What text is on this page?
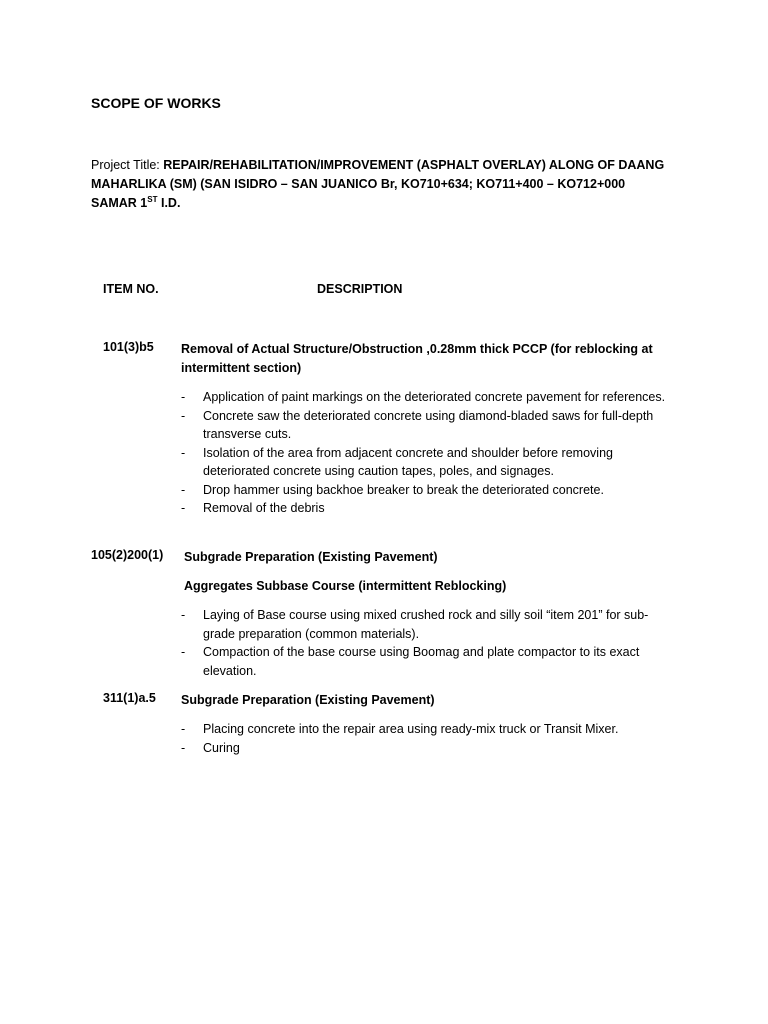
SCOPE OF WORKS
Project Title: REPAIR/REHABILITATION/IMPROVEMENT (ASPHALT OVERLAY) ALONG OF DAANG MAHARLIKA (SM) (SAN ISIDRO – SAN JUANICO Br, KO710+634; KO711+400 – KO712+000 SAMAR 1ST I.D.
ITEM NO.	DESCRIPTION
101(3)b5 Removal of Actual Structure/Obstruction ,0.28mm thick PCCP (for reblocking at intermittent section)
- Application of paint markings on the deteriorated concrete pavement for references.
- Concrete saw the deteriorated concrete using diamond-bladed saws for full-depth transverse cuts.
- Isolation of the area from adjacent concrete and shoulder before removing deteriorated concrete using caution tapes, poles, and signages.
- Drop hammer using backhoe breaker to break the deteriorated concrete.
- Removal of the debris
105(2)200(1) Subgrade Preparation (Existing Pavement)
Aggregates Subbase Course (intermittent Reblocking)
- Laying of Base course using mixed crushed rock and silly soil “item 201” for sub-grade preparation (common materials).
- Compaction of the base course using Boomag and plate compactor to its exact elevation.
311(1)a.5 Subgrade Preparation (Existing Pavement)
- Placing concrete into the repair area using ready-mix truck or Transit Mixer.
- Curing
